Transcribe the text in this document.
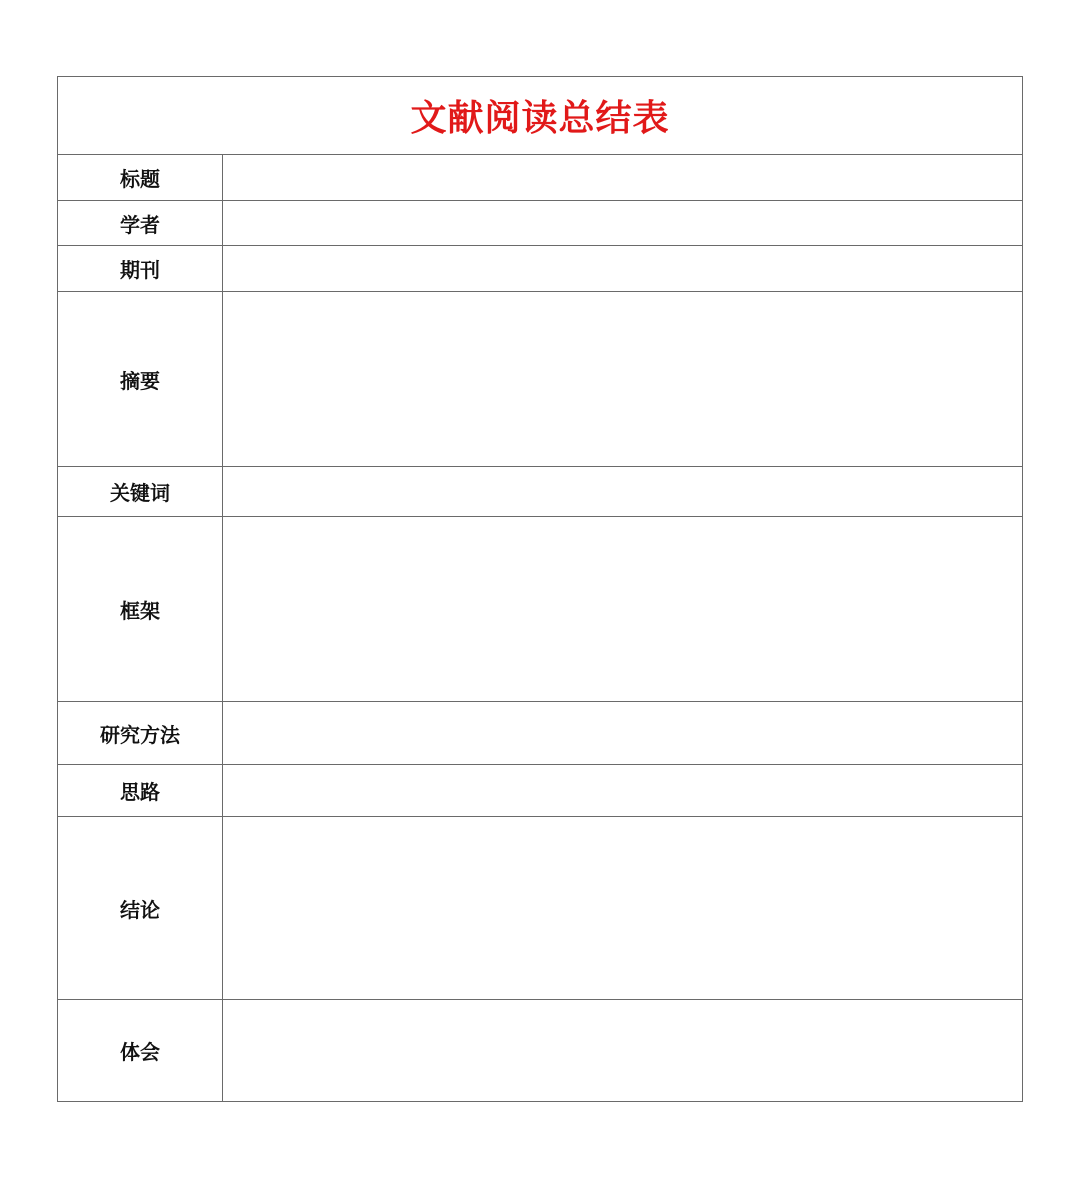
文献阅读总结表
标题
学者
期刊
摘要
关键词
框架
研究方法
思路
结论
体会
